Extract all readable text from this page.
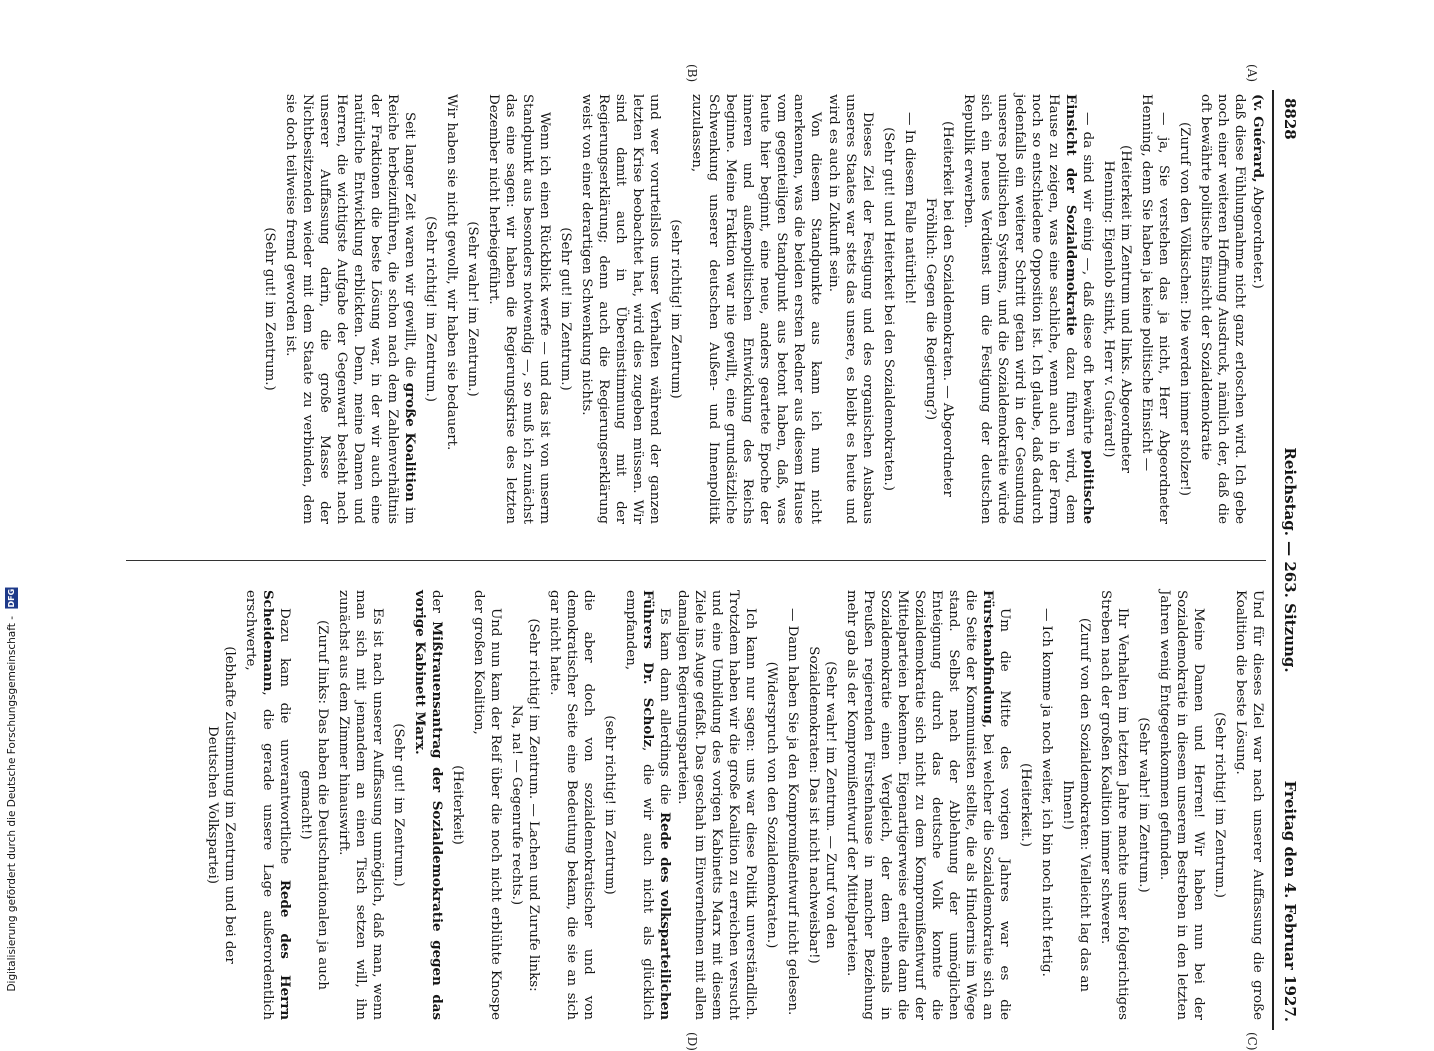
8828
Reichstag. — 263. Sitzung.
Freitag den 4. Februar 1927.

(v. Guérard, Abgeordneter.)

daß diese Fühlungnahme nicht ganz erloschen wird. Ich gebe noch einer weiteren Hoffnung Ausdruck, nämlich der, daß die oft bewährte politische Einsicht der Sozialdemokratie

(Zuruf von den Völkischen: Die werden immer stolzer!)

— ja, Sie verstehen das ja nicht, Herr Abgeordneter Henning, denn Sie haben ja keine politische Einsicht —

(Heiterkeit im Zentrum und links. Abgeordneter Henning: Eigenlob stinkt, Herr v. Guérard!)

— da sind wir einig —, daß diese oft bewährte politische Einsicht der Sozialdemokratie dazu führen wird, dem Hause zu zeigen, was eine sachliche, wenn auch in der Form noch so entschiedene Opposition ist. Ich glaube, daß dadurch jedenfalls ein weiterer Schritt getan wird in der Gesundung unseres politischen Systems, und die Sozialdemokratie würde sich ein neues Verdienst um die Festigung der deutschen Republik erwerben.

(Heiterkeit bei den Sozialdemokraten. — Abgeordneter Fröhlich: Gegen die Regierung?)

— In diesem Falle natürlich!

(Sehr gut! und Heiterkeit bei den Sozialdemokraten.)

Dieses Ziel der Festigung und des organischen Ausbaus unseres Staates war stets das unsere, es bleibt es heute und wird es auch in Zukunft sein.

Von diesem Standpunkte aus kann ich nun nicht anerkennen, was die beiden ersten Redner aus diesem Hause vom gegenteiligen Standpunkt aus betont haben, daß, was heute hier beginnt, eine neue, anders geartete Epoche der inneren und außenpolitischen Entwicklung des Reichs beginne. Meine Fraktion war nie gewillt, eine grundsätzliche Schwenkung unserer deutschen Außen- und Innenpolitik zuzulassen,

(sehr richtig! im Zentrum)

und wer vorurteilslos unser Verhalten während der ganzen letzten Krise beobachtet hat, wird dies zugeben müssen. Wir sind damit auch in Übereinstimmung mit der Regierungserklärung; denn auch die Regierungserklärung weist von einer derartigen Schwenkung nichts.

(Sehr gut! im Zentrum.)

Wenn ich einen Rückblick werfe — und das ist von unserm Standpunkt aus besonders notwendig —, so muß ich zunächst das eine sagen: wir haben die Regierungskrise des letzten Dezember nicht herbeigeführt.

(Sehr wahr! im Zentrum.)

Wir haben sie nicht gewollt, wir haben sie bedauert.

(Sehr richtig! im Zentrum.)

Seit langer Zeit waren wir gewillt, die große Koalition im Reiche herbeizuführen, die schon nach dem Zahlenverhältnis der Fraktionen die beste Lösung war, in der wir auch eine natürliche Entwicklung erblickten. Denn, meine Damen und Herren, die wichtigste Aufgabe der Gegenwart besteht nach unserer Auffassung darin, die große Masse der Nichtbesitzenden wieder mit dem Staate zu verbinden, dem sie doch teilweise fremd geworden ist.

(Sehr gut! im Zentrum.)

Und für dieses Ziel war nach unserer Auffassung die große Koalition die beste Lösung.

(Sehr richtig! im Zentrum.)

Meine Damen und Herren! Wir haben nun bei der Sozialdemokratie in diesem unserem Bestreben in den letzten Jahren wenig Entgegenkommen gefunden.

(Sehr wahr! im Zentrum.)

Ihr Verhalten im letzten Jahre machte unser folgerichtiges Streben nach der großen Koalition immer schwerer.

(Zuruf von den Sozialdemokraten: Vielleicht lag das an Ihnen!)

— Ich komme ja noch weiter, ich bin noch nicht fertig.

(Heiterkeit.)

Um die Mitte des vorigen Jahres war es die Fürstenabfindung, bei welcher die Sozialdemokratie sich an die Seite der Kommunisten stellte, die als Hindernis im Wege stand. Selbst nach der Ablehnung der unmöglichen Enteignung durch das deutsche Volk konnte die Sozialdemokratie sich nicht zu dem Kompromißentwurf der Mittelparteien bekennen. Eigenartigerweise erteilte dann die Sozialdemokratie einen Vergleich, der dem ehemals in Preußen regierenden Fürstenhause in mancher Beziehung mehr gab als der Kompromißentwurf der Mittelparteien.

(Sehr wahr! im Zentrum. — Zuruf von den Sozialdemokraten: Das ist nicht nachweisbar!)

— Dann haben Sie ja den Kompromißentwurf nicht gelesen.

(Widerspruch von den Sozialdemokraten.)

Ich kann nur sagen: uns war diese Politik unverständlich. Trotzdem haben wir die große Koalition zu erreichen versucht und eine Umbildung des vorigen Kabinetts Marx mit diesem Ziele ins Auge gefaßt. Das geschah im Einvernehmen mit allen damaligen Regierungsparteien.

Es kam dann allerdings die Rede des volksparteilichen Führers Dr. Scholz, die wir auch nicht als glücklich empfanden,

(sehr richtig! im Zentrum)

die aber doch von sozialdemokratischer und von demokratischer Seite eine Bedeutung bekam, die sie an sich gar nicht hatte.

(Sehr richtig! im Zentrum. — Lachen und Zurufe links: Na, na! — Gegenrufe rechts.)

Und nun kam der Reif über die noch nicht erblühte Knospe der großen Koalition,

(Heiterkeit)

der Mißtrauensantrag der Sozialdemokratie gegen das vorige Kabinett Marx.

(Sehr gut! im Zentrum.)

Es ist nach unserer Auffassung unmöglich, daß man, wenn man sich mit jemandem an einen Tisch setzen will, ihn zunächst aus dem Zimmer hinauswirft.

(Zuruf links: Das haben die Deutschnationalen ja auch gemacht!)

Dazu kam die unverantwortliche Rede des Herrn Scheidemann, die gerade unsere Lage außerordentlich erschwerte,

(lebhafte Zustimmung im Zentrum und bei der Deutschen Volkspartei)

(A)
(B)
(C)
(D)
Digitalisierung gefördert durch die Deutsche Forschungsgemeinschaft - DFG
